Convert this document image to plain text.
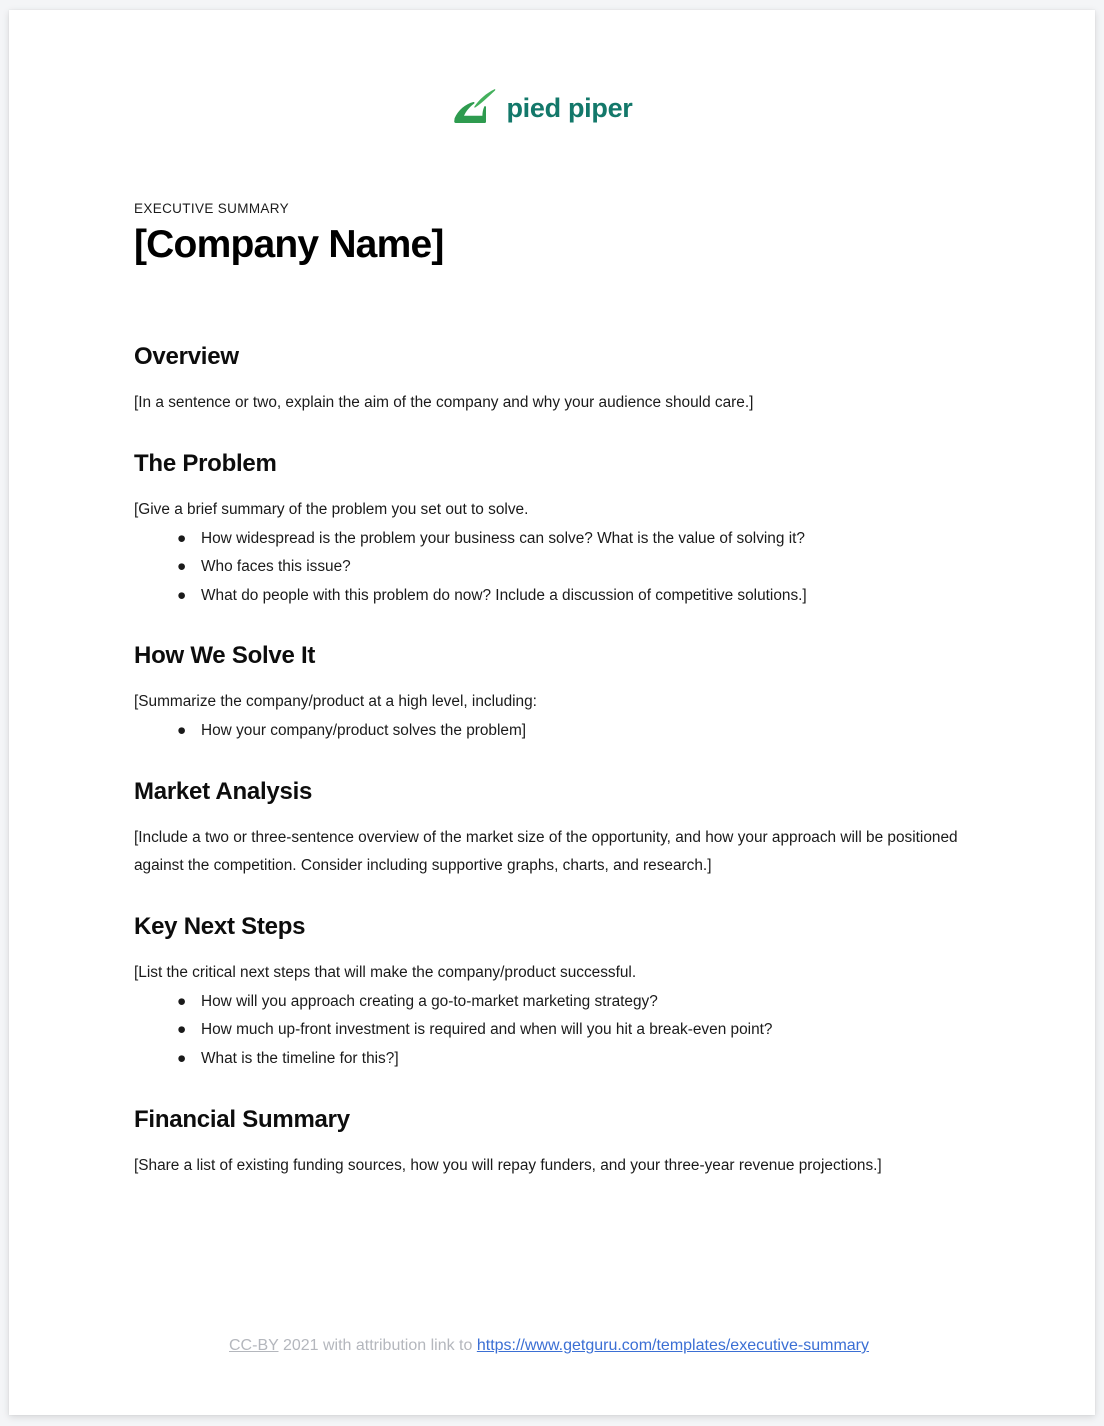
pied piper

EXECUTIVE SUMMARY

[Company Name]
Overview

[In a sentence or two, explain the aim of the company and why your audience should care.]

The Problem

[Give a brief summary of the problem you set out to solve.

● How widespread is the problem your business can solve? What is the value of solving it?
● Who faces this issue?
● What do people with this problem do now? Include a discussion of competitive solutions.]
How We Solve It

[Summarize the company/product at a high level, including:

● How your company/product solves the problem]
Market Analysis

[Include a two or three-sentence overview of the market size of the opportunity, and how your approach will be positioned against the competition. Consider including supportive graphs, charts, and research.]

Key Next Steps

[List the critical next steps that will make the company/product successful.

● How will you approach creating a go-to-market marketing strategy?
● How much up-front investment is required and when will you hit a break-even point?
● What is the timeline for this?]
Financial Summary

[Share a list of existing funding sources, how you will repay funders, and your three-year revenue projections.]

CC-BY 2021 with attribution link to https://www.getguru.com/templates/executive-summary
